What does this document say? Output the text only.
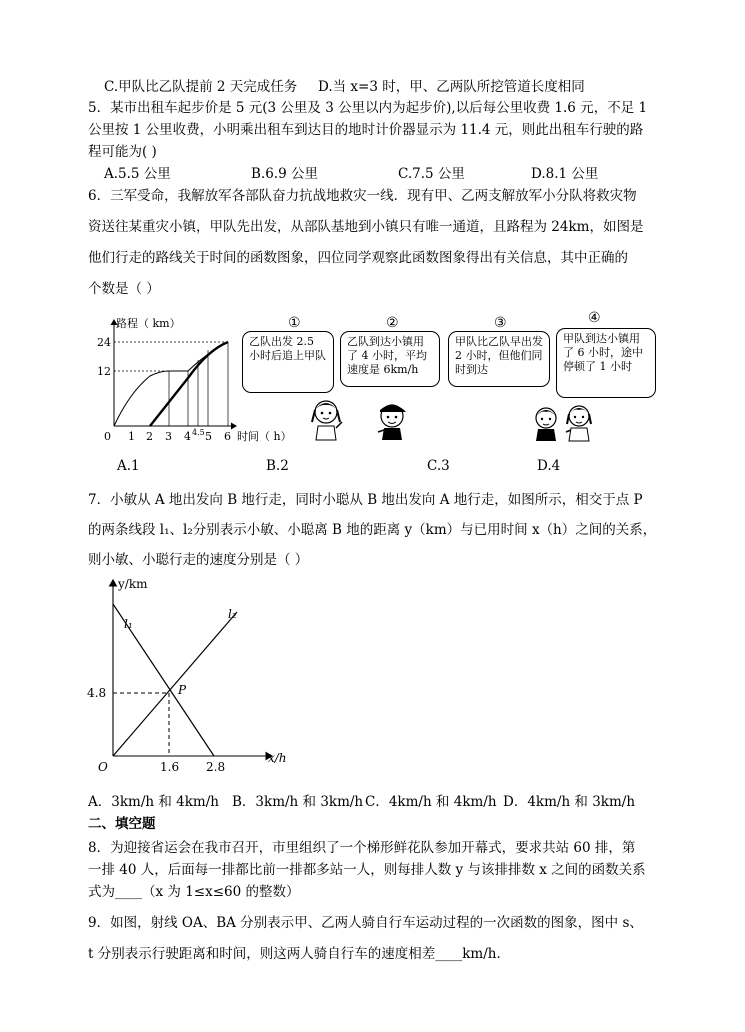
C.甲队比乙队提前 2 天完成任务 D.当 x=3 时，甲、乙两队所挖管道长度相同
5．某市出租车起步价是 5 元(3 公里及 3 公里以内为起步价),以后每公里收费 1.6 元，不足 1
公里按 1 公里收费，小明乘出租车到达目的地时计价器显示为 11.4 元，则此出租车行驶的路
程可能为( )
A.5.5 公里	B.6.9 公里	C.7.5 公里	D.8.1 公里
6．三军受命，我解放军各部队奋力抗战地救灾一线．现有甲、乙两支解放军小分队将救灾物
资送往某重灾小镇，甲队先出发，从部队基地到小镇只有唯一通道，且路程为 24km，如图是
他们行走的路线关于时间的函数图象，四位同学观察此函数图象得出有关信息，其中正确的
个数是（ ）
路程（ km）
24
12
0 1 2 3 4 4.5 5 6 时间（ h）
①
乙队出发 2.5 小时后追上甲队
②
乙队到达小镇用了 4 小时，平均速度是 6km/h
③
甲队比乙队早出发 2 小时，但他们同时到达
④
甲队到达小镇用了 6 小时，途中停顿了 1 小时
A.1	B.2	C.3	D.4
7．小敏从 A 地出发向 B 地行走，同时小聪从 B 地出发向 A 地行走，如图所示，相交于点 P
的两条线段 l₁、l₂分别表示小敏、小聪离 B 地的距离 y（km）与已用时间 x（h）之间的关系，
则小敏、小聪行走的速度分别是（ ）
y/km
x/h
l₁
l₂
P
4.8
O	1.6 2.8
A．3km/h 和 4km/h B．3km/h 和 3km/h C．4km/h 和 4km/h D．4km/h 和 3km/h
二、填空题
8．为迎接省运会在我市召开，市里组织了一个梯形鲜花队参加开幕式，要求共站 60 排，第
一排 40 人，后面每一排都比前一排都多站一人，则每排人数 y 与该排排数 x 之间的函数关系
式为____（x 为 1≤x≤60 的整数）
9．如图，射线 OA、BA 分别表示甲、乙两人骑自行车运动过程的一次函数的图象，图中 s、
t 分别表示行驶距离和时间，则这两人骑自行车的速度相差____km/h．
